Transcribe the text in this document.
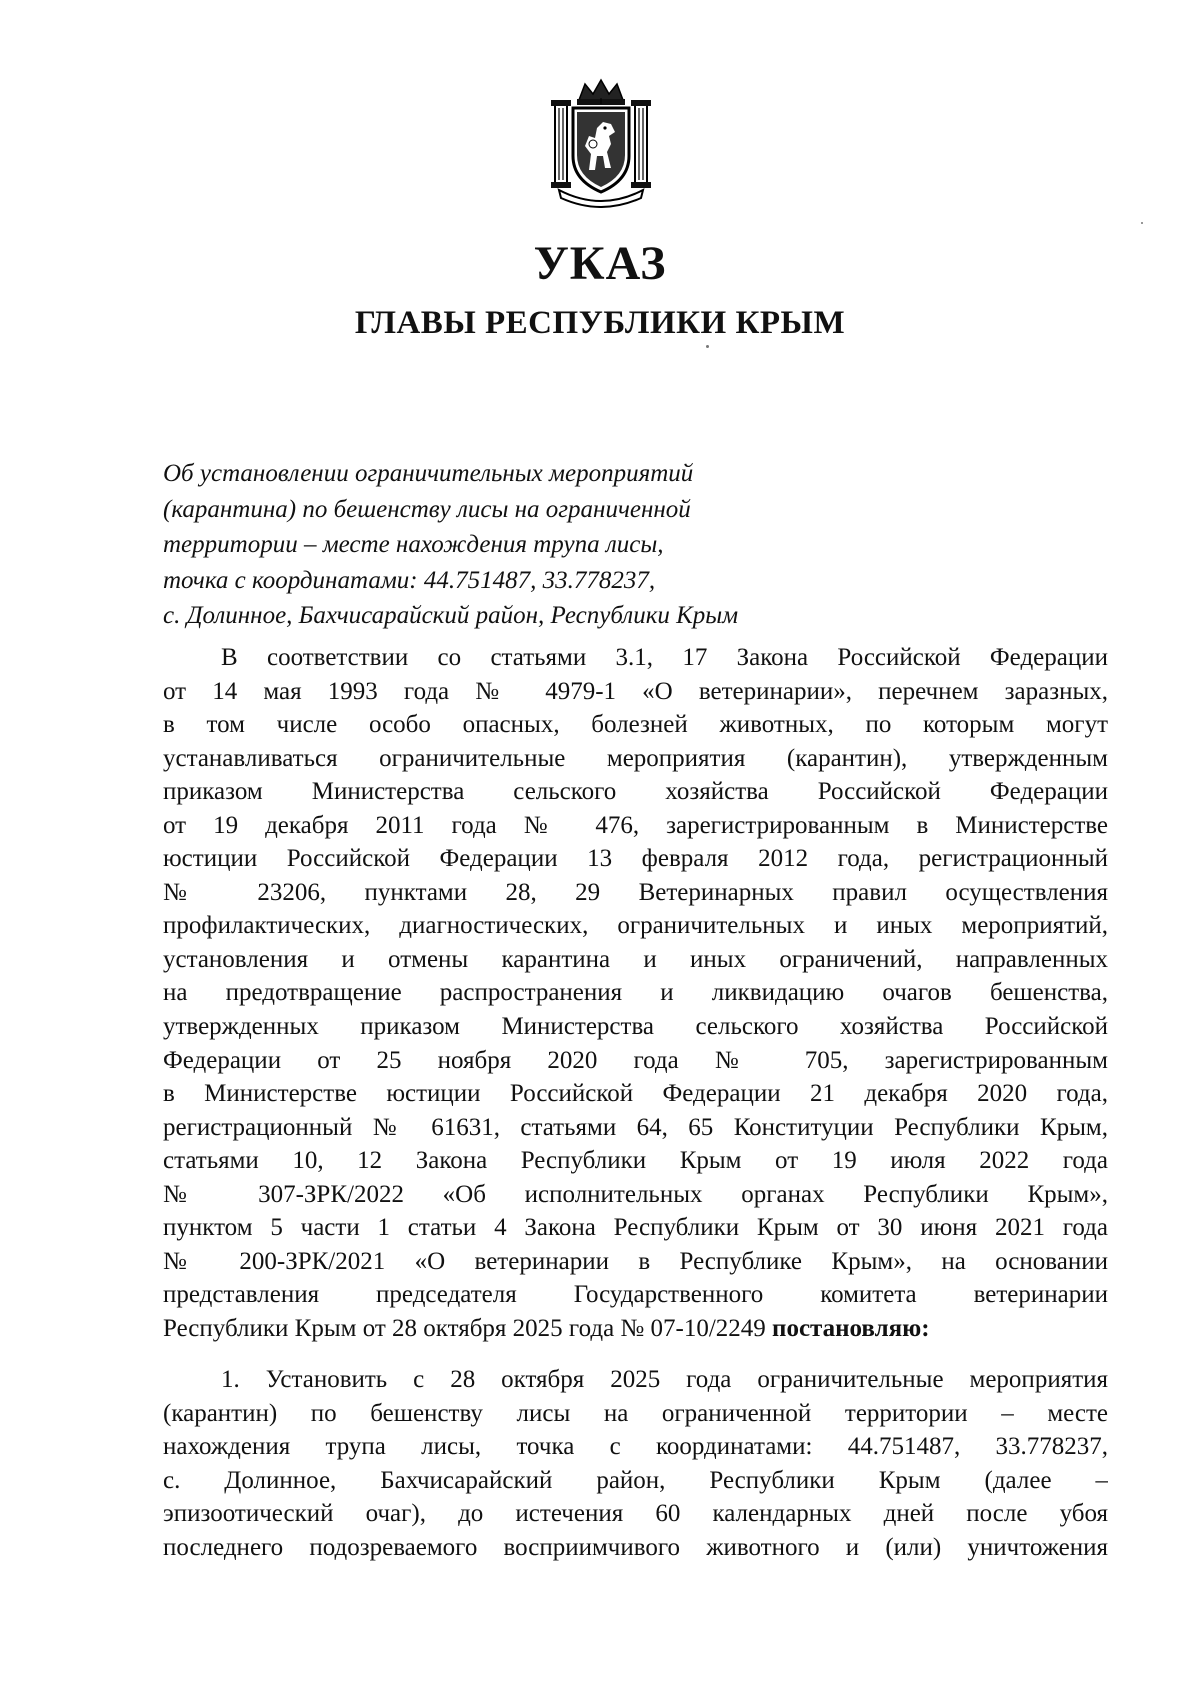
УКАЗ
ГЛАВЫ РЕСПУБЛИКИ КРЫМ
Об установлении ограничительных мероприятий
(карантина) по бешенству лисы на ограниченной
территории – месте нахождения трупа лисы,
точка с координатами: 44.751487, 33.778237,
с. Долинное, Бахчисарайский район, Республики Крым
В соответствии со статьями 3.1, 17 Закона Российской Федерации
от 14 мая 1993 года № 4979-1 «О ветеринарии», перечнем заразных,
в том числе особо опасных, болезней животных, по которым могут
устанавливаться ограничительные мероприятия (карантин), утвержденным
приказом Министерства сельского хозяйства Российской Федерации
от 19 декабря 2011 года № 476, зарегистрированным в Министерстве
юстиции Российской Федерации 13 февраля 2012 года, регистрационный
№ 23206, пунктами 28, 29 Ветеринарных правил осуществления
профилактических, диагностических, ограничительных и иных мероприятий,
установления и отмены карантина и иных ограничений, направленных
на предотвращение распространения и ликвидацию очагов бешенства,
утвержденных приказом Министерства сельского хозяйства Российской
Федерации от 25 ноября 2020 года № 705, зарегистрированным
в Министерстве юстиции Российской Федерации 21 декабря 2020 года,
регистрационный № 61631, статьями 64, 65 Конституции Республики Крым,
статьями 10, 12 Закона Республики Крым от 19 июля 2022 года
№ 307-ЗРК/2022 «Об исполнительных органах Республики Крым»,
пунктом 5 части 1 статьи 4 Закона Республики Крым от 30 июня 2021 года
№ 200-ЗРК/2021 «О ветеринарии в Республике Крым», на основании
представления председателя Государственного комитета ветеринарии
Республики Крым от 28 октября 2025 года № 07-10/2249 постановляю:
1. Установить с 28 октября 2025 года ограничительные мероприятия
(карантин) по бешенству лисы на ограниченной территории – месте
нахождения трупа лисы, точка с координатами: 44.751487, 33.778237,
с. Долинное, Бахчисарайский район, Республики Крым (далее –
эпизоотический очаг), до истечения 60 календарных дней после убоя
последнего подозреваемого восприимчивого животного и (или) уничтожения
